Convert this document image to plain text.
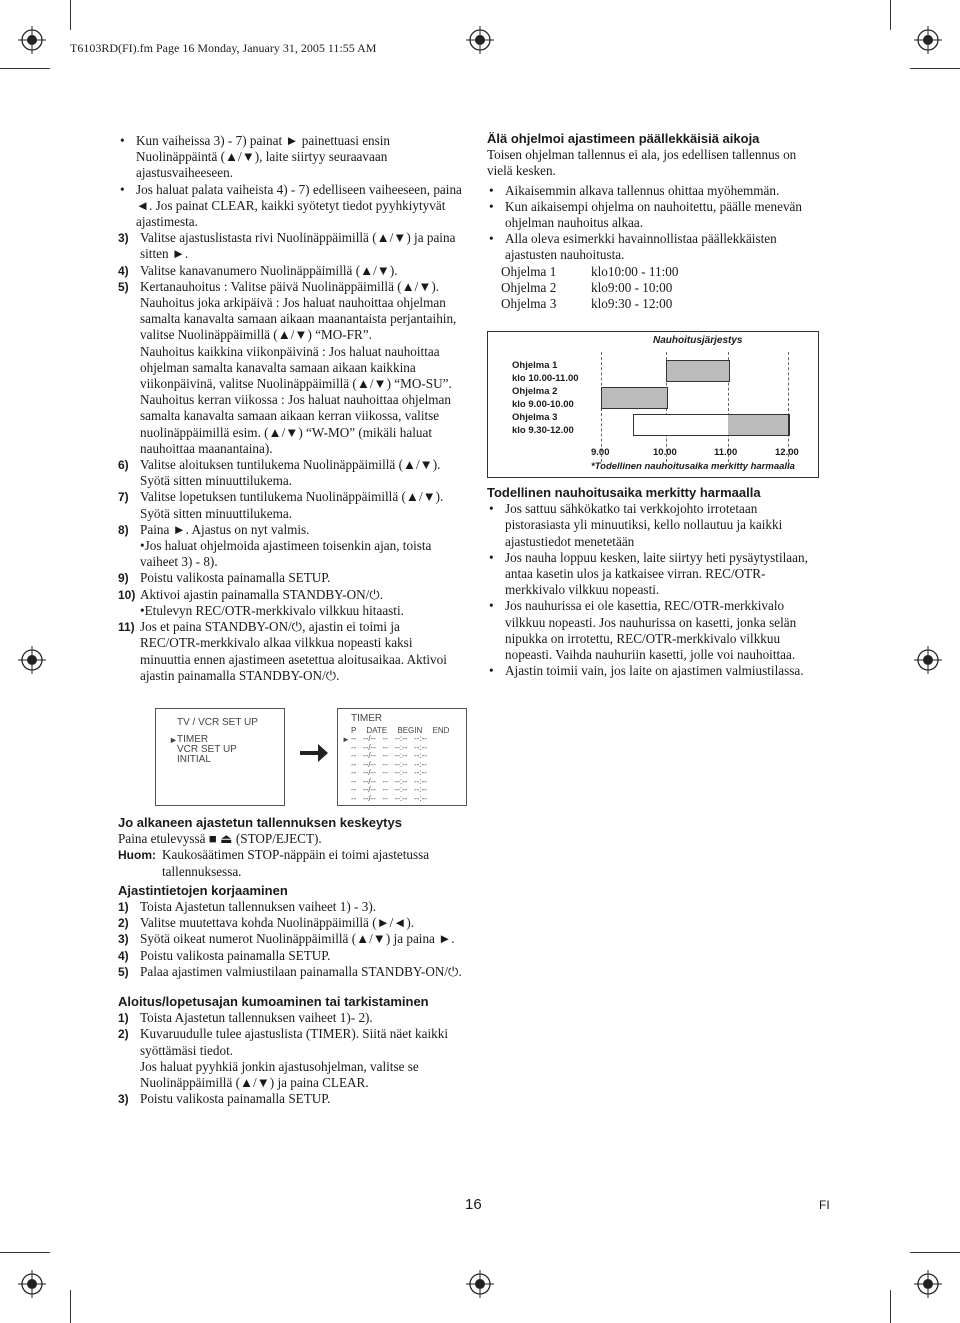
T6103RD(FI).fm Page 16 Monday, January 31, 2005 11:55 AM
• Kun vaiheissa 3) - 7) painat ► painettuasi ensin Nuolinäppäintä (▲/▼), laite siirtyy seuraavaan ajastusvaiheeseen.
• Jos haluat palata vaiheista 4) - 7) edelliseen vaiheeseen, paina ◄. Jos painat CLEAR, kaikki syötetyt tiedot pyyhkiytyvät ajastimesta.
3) Valitse ajastuslistasta rivi Nuolinäppäimillä (▲/▼) ja paina sitten ►.
4) Valitse kanavanumero Nuolinäppäimillä (▲/▼).
5) Kertanauhoitus : Valitse päivä Nuolinäppäimillä (▲/▼).
Nauhoitus joka arkipäivä : Jos haluat nauhoittaa ohjelman samalta kanavalta samaan aikaan maanantaista perjantaihin, valitse Nuolinäppäimillä (▲/▼) “MO-FR”.
Nauhoitus kaikkina viikonpäivinä : Jos haluat nauhoittaa ohjelman samalta kanavalta samaan aikaan kaikkina viikonpäivinä, valitse Nuolinäppäimillä (▲/▼) “MO-SU”.
Nauhoitus kerran viikossa : Jos haluat nauhoittaa ohjelman samalta kanavalta samaan aikaan kerran viikossa, valitse nuolinäppäimillä esim. (▲/▼) “W-MO” (mikäli haluat nauhoittaa maanantaina).
6) Valitse aloituksen tuntilukema Nuolinäppäimillä (▲/▼). Syötä sitten minuuttilukema.
7) Valitse lopetuksen tuntilukema Nuolinäppäimillä (▲/▼). Syötä sitten minuuttilukema.
8) Paina ►. Ajastus on nyt valmis.
•Jos haluat ohjelmoida ajastimeen toisenkin ajan, toista vaiheet 3) - 8).
9) Poistu valikosta painamalla SETUP.
10) Aktivoi ajastin painamalla STANDBY-ON/⏻.
•Etulevyn REC/OTR-merkkivalo vilkkuu hitaasti.
11) Jos et paina STANDBY-ON/⏻, ajastin ei toimi ja REC/OTR-merkkivalo alkaa vilkkua nopeasti kaksi minuuttia ennen ajastimeen asetettua aloitusaikaa. Aktivoi ajastin painamalla STANDBY-ON/⏻.
Älä ohjelmoi ajastimeen päällekkäisiä aikoja
Toisen ohjelman tallennus ei ala, jos edellisen tallennus on vielä kesken.
• Aikaisemmin alkava tallennus ohittaa myöhemmän.
• Kun aikaisempi ohjelma on nauhoitettu, päälle menevän ohjelman nauhoitus alkaa.
• Alla oleva esimerkki havainnollistaa päällekkäisten ajastusten nauhoitusta.
Ohjelma 1	klo10:00 - 11:00
Ohjelma 2	klo9:00 - 10:00
Ohjelma 3	klo9:30 - 12:00
Nauhoitusjärjestys
Ohjelma 1
klo 10.00-11.00
Ohjelma 2
klo 9.00-10.00
Ohjelma 3
klo 9.30-12.00
9.00	10.00	11.00	12.00
*Todellinen nauhoitusaika merkitty harmaalla
Todellinen nauhoitusaika merkitty harmaalla
• Jos sattuu sähkökatko tai verkkojohto irrotetaan pistorasiasta yli minuutiksi, kello nollautuu ja kaikki ajastustiedot menetetään
• Jos nauha loppuu kesken, laite siirtyy heti pysäytystilaan, antaa kasetin ulos ja katkaisee virran. REC/OTR-merkkivalo vilkkuu nopeasti.
• Jos nauhurissa ei ole kasettia, REC/OTR-merkkivalo vilkkuu nopeasti. Jos nauhurissa on kasetti, jonka selän nipukka on irrotettu, REC/OTR-merkkivalo vilkkuu nopeasti. Vaihda nauhuriin kasetti, jolle voi nauhoittaa.
• Ajastin toimii vain, jos laite on ajastimen valmiustilassa.
TV / VCR SET UP
► TIMER
VCR SET UP
INITIAL
TIMER
P DATE BEGIN END
► --   --/--   --   --:--   --:--
--   --/--   --   --:--   --:--
--   --/--   --   --:--   --:--
--   --/--   --   --:--   --:--
--   --/--   --   --:--   --:--
--   --/--   --   --:--   --:--
--   --/--   --   --:--   --:--
--   --/--   --   --:--   --:--
Jo alkaneen ajastetun tallennuksen keskeytys
Paina etulevyssä ■ ⏏ (STOP/EJECT).
Huom: Kaukosäätimen STOP-näppäin ei toimi ajastetussa tallennuksessa.
Ajastintietojen korjaaminen
1) Toista Ajastetun tallennuksen vaiheet 1) - 3).
2) Valitse muutettava kohda Nuolinäppäimillä (►/◄).
3) Syötä oikeat numerot Nuolinäppäimillä (▲/▼) ja paina ►.
4) Poistu valikosta painamalla SETUP.
5) Palaa ajastimen valmiustilaan painamalla STANDBY-ON/⏻.
Aloitus/lopetusajan kumoaminen tai tarkistaminen
1) Toista Ajastetun tallennuksen vaiheet 1)- 2).
2) Kuvaruudulle tulee ajastuslista (TIMER). Siitä näet kaikki syöttämäsi tiedot.
Jos haluat pyyhkiä jonkin ajastusohjelman, valitse se Nuolinäppäimillä (▲/▼) ja paina CLEAR.
3) Poistu valikosta painamalla SETUP.
16	FI
